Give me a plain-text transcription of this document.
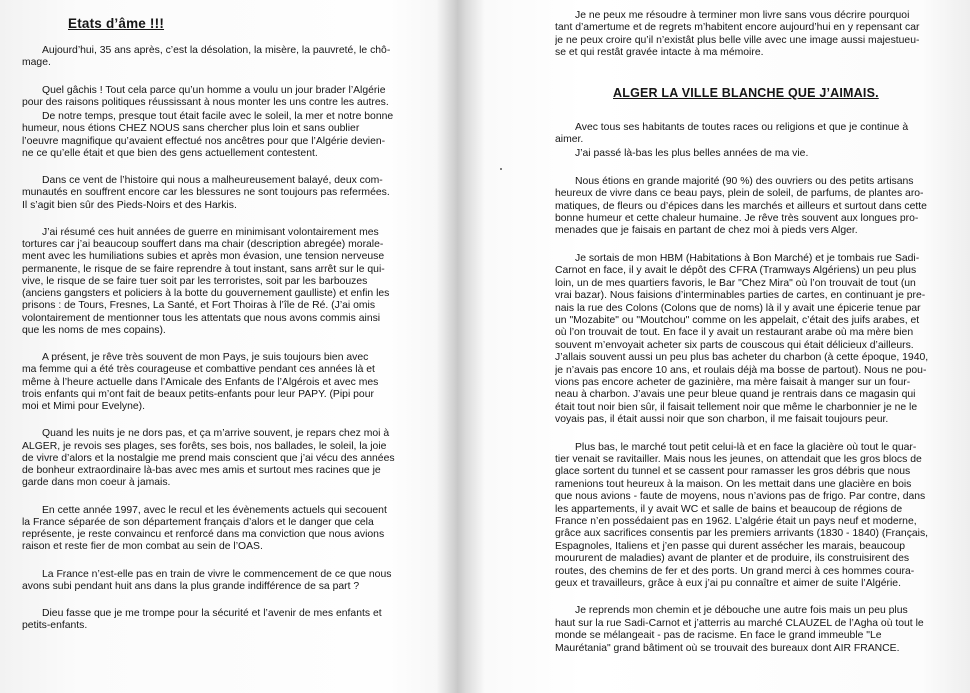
Etats d’âme !!!
Aujourd’hui, 35 ans après, c’est la désolation, la misère, la pauvreté, le chô-
mage.
Quel gâchis ! Tout cela parce qu’un homme a voulu un jour brader l’Algérie
pour des raisons politiques réussissant à nous monter les uns contre les autres.
De notre temps, presque tout était facile avec le soleil, la mer et notre bonne
humeur, nous étions CHEZ NOUS sans chercher plus loin et sans oublier
l’oeuvre magnifique qu’avaient effectué nos ancêtres pour que l’Algérie devien-
ne ce qu’elle était et que bien des gens actuellement contestent.
Dans ce vent de l’histoire qui nous a malheureusement balayé, deux com-
munautés en souffrent encore car les blessures ne sont toujours pas refermées.
Il s’agit bien sûr des Pieds-Noirs et des Harkis.
J’ai résumé ces huit années de guerre en minimisant volontairement mes
tortures car j’ai beaucoup souffert dans ma chair (description abregée) morale-
ment avec les humiliations subies et après mon évasion, une tension nerveuse
permanente, le risque de se faire reprendre à tout instant, sans arrêt sur le qui-
vive, le risque de se faire tuer soit par les terroristes, soit par les barbouzes
(anciens gangsters et policiers à la botte du gouvernement gaulliste) et enfin les
prisons : de Tours, Fresnes, La Santé, et Fort Thoiras à l’île de Ré. (J’ai omis
volontairement de mentionner tous les attentats que nous avons commis ainsi
que les noms de mes copains).
A présent, je rêve très souvent de mon Pays, je suis toujours bien avec
ma femme qui a été très courageuse et combattive pendant ces années là et
même à l’heure actuelle dans l’Amicale des Enfants de l’Algérois et avec mes
trois enfants qui m’ont fait de beaux petits-enfants pour leur PAPY. (Pipi pour
moi et Mimi pour Evelyne).
Quand les nuits je ne dors pas, et ça m’arrive souvent, je repars chez moi à
ALGER, je revois ses plages, ses forêts, ses bois, nos ballades, le soleil, la joie
de vivre d’alors et la nostalgie me prend mais conscient que j’ai vécu des années
de bonheur extraordinaire là-bas avec mes amis et surtout mes racines que je
garde dans mon coeur à jamais.
En cette année 1997, avec le recul et les évènements actuels qui secouent
la France séparée de son département français d’alors et le danger que cela
représente, je reste convaincu et renforcé dans ma conviction que nous avions
raison et reste fier de mon combat au sein de l’OAS.
La France n’est-elle pas en train de vivre le commencement de ce que nous
avons subi pendant huit ans dans la plus grande indifférence de sa part ?
Dieu fasse que je me trompe pour la sécurité et l’avenir de mes enfants et
petits-enfants.
Je ne peux me résoudre à terminer mon livre sans vous décrire pourquoi
tant d’amertume et de regrets m’habitent encore aujourd’hui en y repensant car
je ne peux croire qu’il n’existât plus belle ville avec une image aussi majestueu-
se et qui restât gravée intacte à ma mémoire.
ALGER LA VILLE BLANCHE QUE J’AIMAIS.
Avec tous ses habitants de toutes races ou religions et que je continue à
aimer.
J’ai passé là-bas les plus belles années de ma vie.
Nous étions en grande majorité (90 %) des ouvriers ou des petits artisans
heureux de vivre dans ce beau pays, plein de soleil, de parfums, de plantes aro-
matiques, de fleurs ou d’épices dans les marchés et ailleurs et surtout dans cette
bonne humeur et cette chaleur humaine. Je rêve très souvent aux longues pro-
menades que je faisais en partant de chez moi à pieds vers Alger.
Je sortais de mon HBM (Habitations à Bon Marché) et je tombais rue Sadi-
Carnot en face, il y avait le dépôt des CFRA (Tramways Algériens) un peu plus
loin, un de mes quartiers favoris, le Bar "Chez Mira" où l’on trouvait de tout (un
vrai bazar). Nous faisions d’interminables parties de cartes, en continuant je pre-
nais la rue des Colons (Colons que de noms) là il y avait une épicerie tenue par
un "Mozabite" ou "Moutchou" comme on les appelait, c’était des juifs arabes, et
où l’on trouvait de tout. En face il y avait un restaurant arabe où ma mère bien
souvent m’envoyait acheter six parts de couscous qui était délicieux d’ailleurs.
J’allais souvent aussi un peu plus bas acheter du charbon (à cette époque, 1940,
je n’avais pas encore 10 ans, et roulais déjà ma bosse de partout). Nous ne pou-
vions pas encore acheter de gazinière, ma mère faisait à manger sur un four-
neau à charbon. J’avais une peur bleue quand je rentrais dans ce magasin qui
était tout noir bien sûr, il faisait tellement noir que même le charbonnier je ne le
voyais pas, il était aussi noir que son charbon, il me faisait toujours peur.
Plus bas, le marché tout petit celui-là et en face la glacière où tout le quar-
tier venait se ravitailler. Mais nous les jeunes, on attendait que les gros blocs de
glace sortent du tunnel et se cassent pour ramasser les gros débris que nous
ramenions tout heureux à la maison. On les mettait dans une glacière en bois
que nous avions - faute de moyens, nous n’avions pas de frigo. Par contre, dans
les appartements, il y avait WC et salle de bains et beaucoup de régions de
France n’en possédaient pas en 1962. L’algérie était un pays neuf et moderne,
grâce aux sacrifices consentis par les premiers arrivants (1830 - 1840) (Français,
Espagnoles, Italiens et j’en passe qui durent assécher les marais, beaucoup
moururent de maladies) avant de planter et de produire, ils construisirent des
routes, des chemins de fer et des ports. Un grand merci à ces hommes coura-
geux et travailleurs, grâce à eux j’ai pu connaître et aimer de suite l’Algérie.
Je reprends mon chemin et je débouche une autre fois mais un peu plus
haut sur la rue Sadi-Carnot et j’atterris au marché CLAUZEL de l’Agha où tout le
monde se mélangeait - pas de racisme. En face le grand immeuble "Le
Maurétania" grand bâtiment où se trouvait des bureaux dont AIR FRANCE.
